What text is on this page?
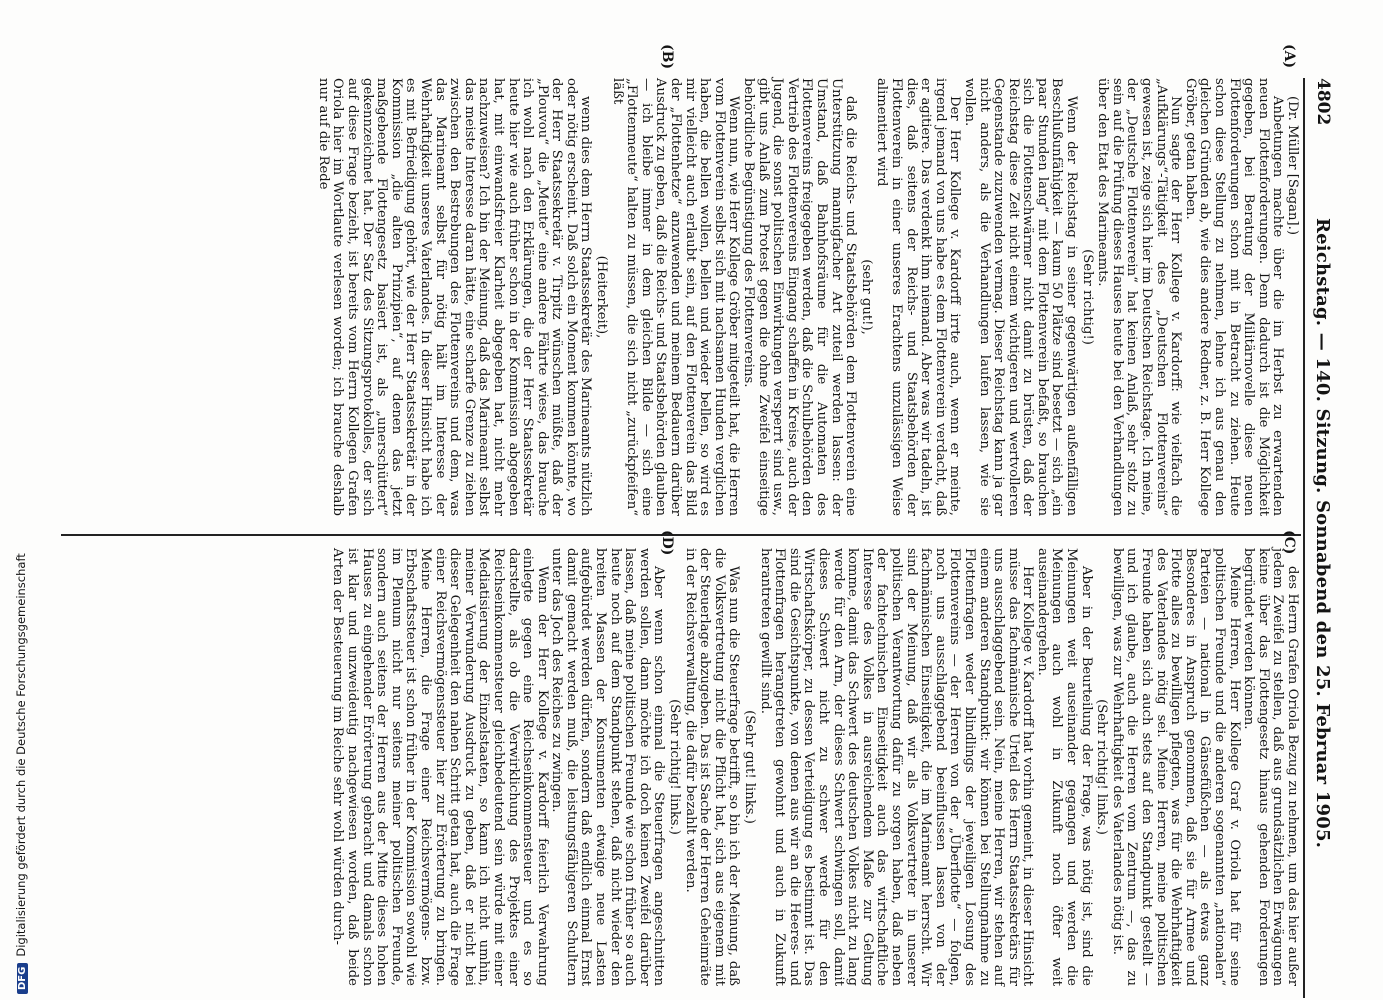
4802
Reichstag. — 140. Sitzung. Sonnabend den 25. Februar 1905.

(Dr. Müller [Sagan].)

Anbetungen machte über die im Herbst zu erwartenden neuen Flottenforderungen. Denn dadurch ist die Möglichkeit gegeben, bei Beratung der Militärnovelle diese neuen Flottenforderungen schon mit in Betracht zu ziehen. Heute schon diese Stellung zu nehmen, lehne ich aus genau den gleichen Gründen ab, wie dies andere Redner, z. B. Herr Kollege Gröber, getan haben.

Nun sagte der Herr Kollege v. Kardorff: wie vielfach die „Aufklärungs“-Tätigkeit des „Deutschen Flottenvereins“ gewesen ist, zeige sich hier im Deutschen Reichstage. Ich meine, der „Deutsche Flottenverein“ hat keinen Anlaß, sehr stolz zu sein auf die Prüfung dieses Hauses heute bei den Verhandlungen über den Etat des Marineamts.

(Sehr richtig!)

Wenn der Reichstag in seiner gegenwärtigen außenfälligen Beschlußunfähigkeit — kaum 50 Plätze sind besetzt — sich „ein paar Stunden lang“ mit dem Flottenverein befaßt, so brauchen sich die Flottenschwärmer nicht damit zu brüsten, daß der Reichstag diese Zeit nicht einem wichtigeren und wertvolleren Gegenstande zuzuwenden vermag. Dieser Reichstag kann ja gar nicht anders, als die Verhandlungen laufen lassen, wie sie wollen.

Der Herr Kollege v. Kardorff irrte auch, wenn er meinte, irgend jemand von uns habe es dem Flottenverein verdacht, daß er agitiere. Das verdenkt ihm niemand. Aber was wir tadeln, ist dies, daß seitens der Reichs- und Staatsbehörden der Flottenverein in einer unseres Erachtens unzulässigen Weise alimentiert wird

(sehr gut!),

daß die Reichs- und Staatsbehörden dem Flottenverein eine Unterstützung mannigfacher Art zuteil werden lassen: der Umstand, daß Bahnhofsräume für die Automaten des Flottenvereins freigegeben werden, daß die Schulbehörden den Vertrieb des Flottenvereins Eingang schaffen in Kreise, auch der Jugend, die sonst politischen Einwirkungen versperrt sind usw., gibt uns Anlaß zum Protest gegen die ohne Zweifel einseitige behördliche Begünstigung des Flottenvereins.

Wenn nun, wie Herr Kollege Gröber mitgeteilt hat, die Herren vom Flottenverein selbst sich mit nachsamen Hunden verglichen haben, die bellen wollen, bellen und wieder bellen, so wird es mir vielleicht auch erlaubt sein, auf den Flottenverein das Bild der „Flottenhetze“ anzuwenden und meinem Bedauern darüber Ausdruck zu geben, daß die Reichs- und Staatsbehörden glauben — ich bleibe immer in dem gleichen Bilde — sich eine „Flottenmeute“ halten zu müssen, die sich nicht „zurückpfeifen“ läßt

(Heiterkeit),

wenn dies dem Herrn Staatssekretär des Marineamts nützlich oder nötig erscheint. Daß solch ein Moment kommen könnte, wo der Herr Staatssekretär v. Tirpitz wünschen müßte, daß der „Plouvou“ die „Meute“ eine andere Fährte wiese, das brauche ich wohl nach den Erklärungen, die der Herr Staatssekretär heute hier wie auch früher schon in der Kommission abgegeben hat, mit einwandsfreier Klarheit abgegeben hat, nicht mehr nachzuweisen? Ich bin der Meinung, daß das Marineamt selbst das meiste Interesse daran hätte, eine scharfe Grenze zu ziehen zwischen den Bestrebungen des Flottenvereins und dem, was das Marineamt selbst für nötig hält im Interesse der Wehrhaftigkeit unseres Vaterlandes. In dieser Hinsicht habe ich es mit Befriedigung gehört, wie der Herr Staatssekretär in der Kommission „die alten Prinzipien“, auf denen das jetzt maßgebende Flottengesetz basiert ist, als „unerschüttert“ gekennzeichnet hat. Der Satz des Sitzungsprotokolles, der sich auf diese Frage bezieht, ist bereits vom Herrn Kollegen Grafen Oriola hier im Wortlaute verlesen worden; ich brauche deshalb nur auf die Rede

des Herrn Grafen Oriola Bezug zu nehmen, um das hier außer jedem Zweifel zu stellen, daß aus grundsätzlichen Erwägungen keine über das Flottengesetz hinaus gehenden Forderungen begründet werden können.

Meine Herren, Herr Kollege Graf v. Oriola hat für seine politischen Freunde und die anderen sogenannten „nationalen“ Parteien — national in Gänsefüßchen — als etwas ganz Besonderes in Anspruch genommen, daß sie für Armee und Flotte alles zu bewilligen pflegten, was für die Wehrhaftigkeit des Vaterlandes nötig sei. Meine Herren, meine politischen Freunde haben sich auch stets auf den Standpunkt gestellt — und ich glaube, auch die Herren vom Zentrum —, das zu bewilligen, was zur Wehrhaftigkeit des Vaterlandes nötig ist.

(Sehr richtig! links.)

Aber in der Beurteilung der Frage, was nötig ist, sind die Meinungen weit auseinander gegangen und werden die Meinungen auch wohl in Zukunft noch öfter weit auseinandergehen.

Herr Kollege v. Kardorff hat vorhin gemeint, in dieser Hinsicht müsse das fachmännische Urteil des Herrn Staatssekretärs für uns ausschlaggebend sein. Nein, meine Herren, wir stehen auf einem anderen Standpunkt: wir können bei Stellungnahme zu Flottenfragen weder blindlings der jeweiligen Losung des Flottenvereins — der Herren von der „Überflotte“ — folgen, noch uns ausschlaggebend beeinflussen lassen von der fachmännischen Einseitigkeit, die im Marineamt herrscht. Wir sind der Meinung, daß wir als Volksvertreter in unserer politischen Verantwortung dafür zu sorgen haben, daß neben der fachtechnischen Einseitigkeit auch das wirtschaftliche Interesse des Volkes in ausreichendem Maße zur Geltung komme, damit das Schwert des deutschen Volkes nicht zu lang werde für den Arm, der dieses Schwert schwingen soll, damit dieses Schwert nicht zu schwer werde für den Wirtschaftskörper, zu dessen Verteidigung es bestimmt ist. Das sind die Gesichtspunkte, von denen aus wir an die Heeres- und Flottenfragen herangetreten gewohnt und auch in Zukunft herantreten gewillt sind.

(Sehr gut! links.)

Was nun die Steuerfrage betrifft, so bin ich der Meinung, daß die Volksvertretung nicht die Pflicht hat, sich aus eigenem mit der Steuerlage abzugeben. Das ist Sache der Herren Geheimräte in der Reichsverwaltung, die dafür bezahlt werden.

(Sehr richtig! links.)

Aber wenn schon einmal die Steuerfragen angeschnitten werden sollen, dann möchte ich doch keinen Zweifel darüber lassen, daß meine politischen Freunde wie schon früher so auch heute noch auf dem Standpunkt stehen, daß nicht wieder den breiten Massen der Konsumenten etwaige neue Lasten aufgebürdet werden dürfen, sondern daß endlich einmal Ernst damit gemacht werden muß, die leistungsfähigeren Schultern unter das Joch des Reiches zu zwingen.

Wenn der Herr Kollege v. Kardorff feierlich Verwahrung einlegte gegen eine Reichseinkommensteuer und es so darstellte, als ob die Verwirklichung des Projektes einer Reichseinkommensteuer gleichbedeutend sein würde mit einer Mediatisierung der Einzelstaaten, so kann ich nicht umhin, meiner Verwunderung Ausdruck zu geben, daß er nicht bei dieser Gelegenheit den nahen Schritt getan hat, auch die Frage einer Reichsvermögenssteuer hier zur Erörterung zu bringen. Meine Herren, die Frage einer Reichsvermögens- bzw. Erbschaftssteuer ist schon früher in der Kommission sowohl wie im Plenum nicht nur seitens meiner politischen Freunde, sondern auch seitens der Herren aus der Mitte dieses hohen Hauses zu eingehender Erörterung gebracht und damals schon ist klar und unzweideutig nachgewiesen worden, daß beide Arten der Besteuerung im Reiche sehr wohl würden durch-

(A)
(B)
(C)
(D)
DFGDigitalisierung gefördert durch die Deutsche Forschungsgemeinschaft
